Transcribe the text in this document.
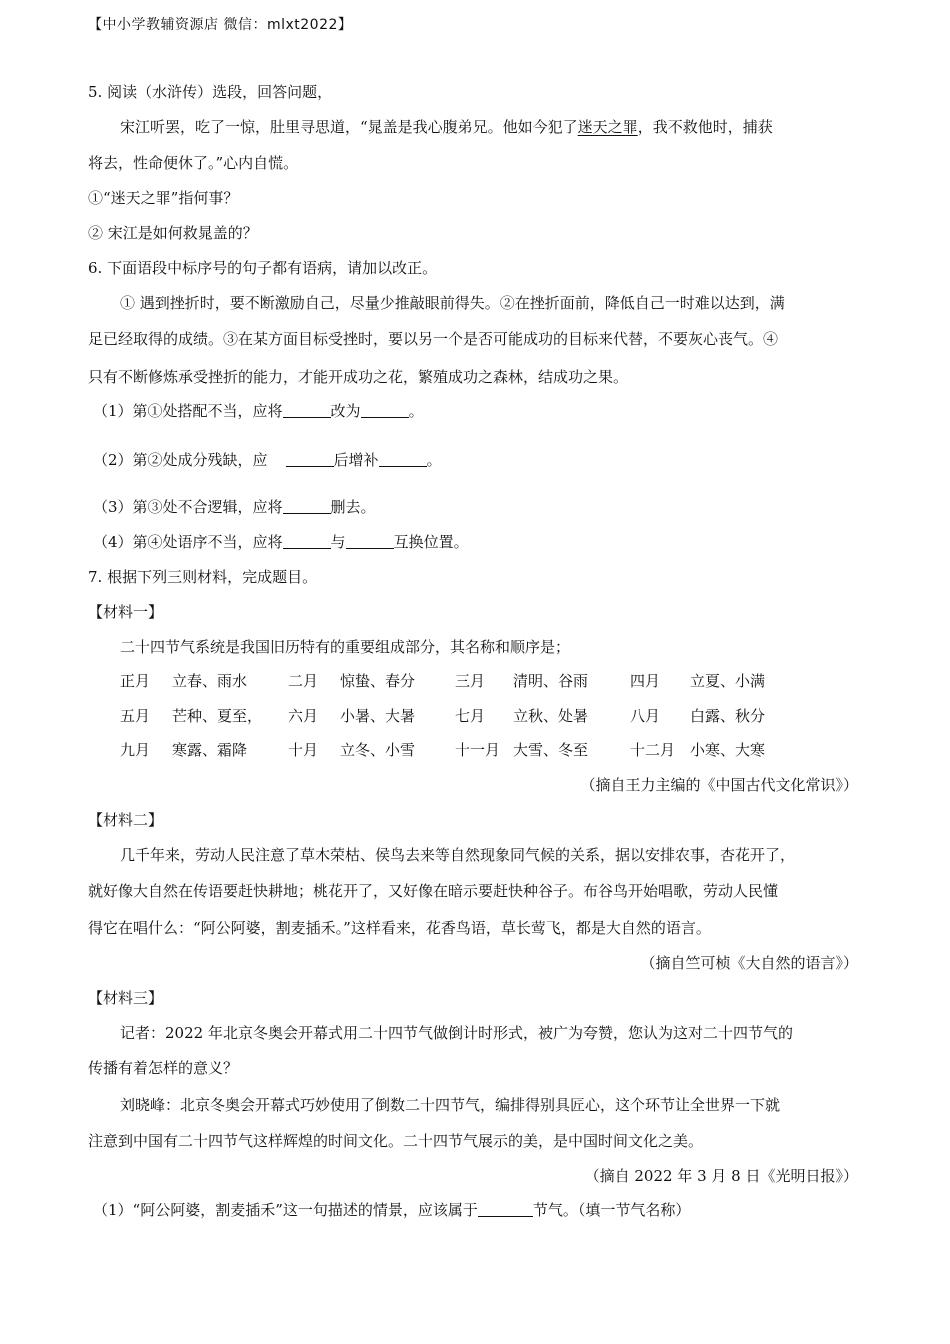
【中小学教辅资源店 微信：mlxt2022】
5. 阅读（水浒传）选段，回答问题，
宋江听罢，吃了一惊，肚里寻思道，“晁盖是我心腹弟兄。他如今犯了迷天之罪，我不救他时，捕获
将去，性命便休了。”心内自慌。
①“迷天之罪”指何事？
② 宋江是如何救晁盖的？
6. 下面语段中标序号的句子都有语病，请加以改正。
① 遇到挫折时，要不断激励自己，尽量少推敲眼前得失。②在挫折面前，降低自己一时难以达到，满
足已经取得的成绩。③在某方面目标受挫时，要以另一个是否可能成功的目标来代替，不要灰心丧气。④
只有不断修炼承受挫折的能力，才能开成功之花，繁殖成功之森林，结成功之果。
（1）第①处搭配不当，应将	改为	。
（2）第②处成分残缺，应	后增补	。
（3）第③处不合逻辑，应将	删去。
（4）第④处语序不当，应将	与	互换位置。
7. 根据下列三则材料，完成题目。
【材料一】
二十四节气系统是我国旧历特有的重要组成部分，其名称和顺序是；
正月 立春、雨水	二月 惊蛰、春分	三月 清明、谷雨	四月 立夏、小满
五月 芒种、夏至， 六月 小暑、大暑	七月 立秋、处暑	八月 白露、秋分
九月 寒露、霜降	十月 立冬、小雪	十一月 大雪、冬至	十二月 小寒、大寒
（摘自王力主编的《中国古代文化常识》）
【材料二】
几千年来，劳动人民注意了草木荣枯、侯鸟去来等自然现象同气候的关系，据以安排农事，杏花开了，
就好像大自然在传语要赶快耕地；桃花开了，又好像在暗示要赶快种谷子。布谷鸟开始唱歌，劳动人民懂
得它在唱什么：“阿公阿婆，割麦插禾。”这样看来，花香鸟语，草长莺飞，都是大自然的语言。
（摘自竺可桢《大自然的语言》）
【材料三】
记者：2022 年北京冬奥会开幕式用二十四节气做倒计时形式，被广为夸赞，您认为这对二十四节气的
传播有着怎样的意义？
刘晓峰：北京冬奥会开幕式巧妙使用了倒数二十四节气，编排得别具匠心，这个环节让全世界一下就
注意到中国有二十四节气这样辉煌的时间文化。二十四节气展示的美，是中国时间文化之美。
（摘自 2022 年 3 月 8 日《光明日报》）
（1）“阿公阿婆，割麦插禾”这一句描述的情景，应该属于	节气。（填一节气名称）
